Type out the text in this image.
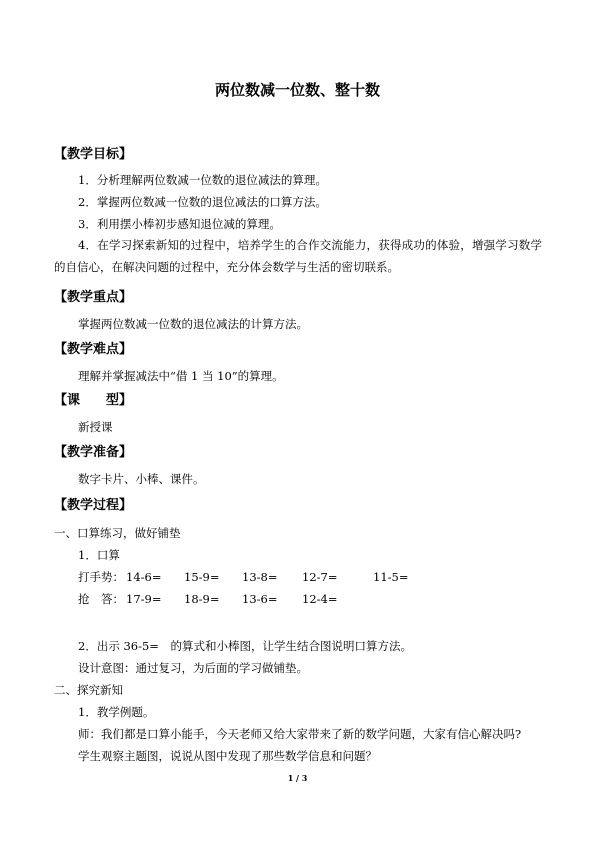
两位数减一位数、整十数
【教学目标】
1．分析理解两位数减一位数的退位减法的算理。
2．掌握两位数减一位数的退位减法的口算方法。
3．利用摆小棒初步感知退位减的算理。

4．在学习探索新知的过程中，培养学生的合作交流能力，获得成功的体验，增强学习数学的自信心，在解决问题的过程中，充分体会数学与生活的密切联系。

【教学重点】
掌握两位数减一位数的退位减法的计算方法。
【教学难点】
理解并掌握减法中“借 1 当 10”的算理。
【课　　型】
新授课
【教学准备】
数字卡片、小棒、课件。
【教学过程】
一、口算练习，做好铺垫
1．口算
打手势： 14-6= 15-9= 13-8= 12-7=	11-5=
抢　答： 17-9= 18-9= 13-6= 12-4=
2．出示 36-5=　的算式和小棒图，让学生结合图说明口算方法。
设计意图：通过复习，为后面的学习做铺垫。
二、探究新知
1．教学例题。
师：我们都是口算小能手，今天老师又给大家带来了新的数学问题，大家有信心解决吗?
学生观察主题图，说说从图中发现了那些数学信息和问题？
1 / 3
